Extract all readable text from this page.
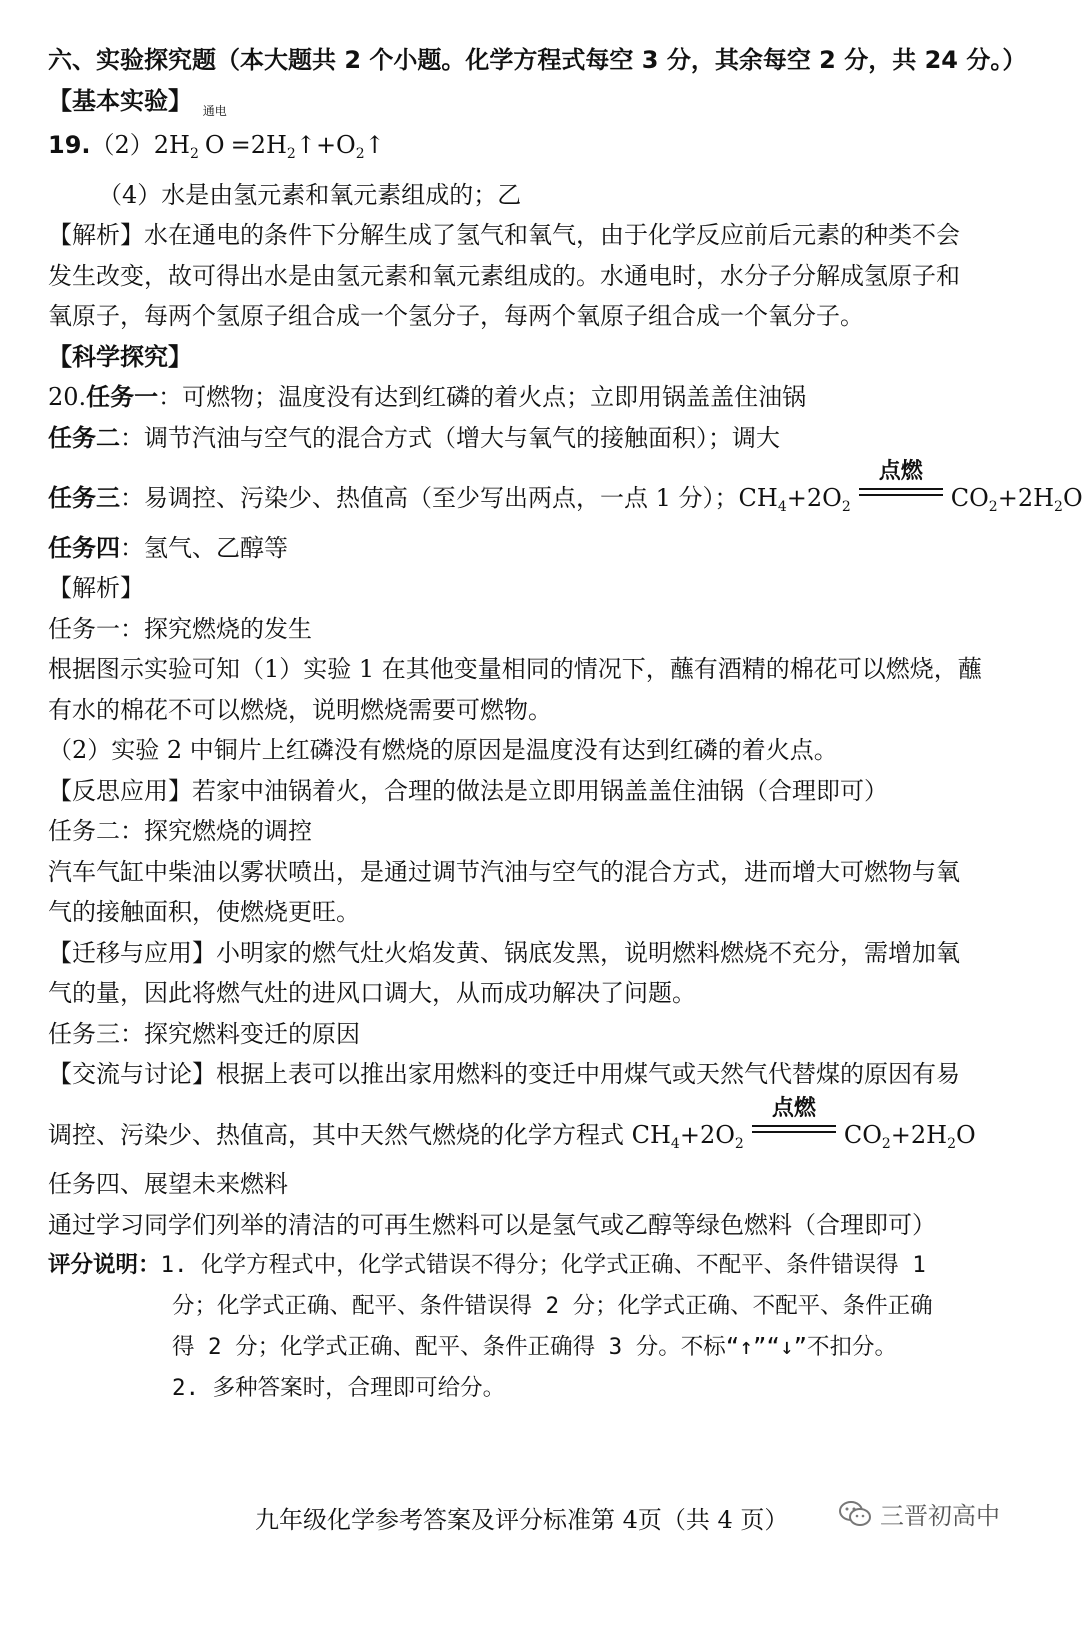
六、实验探究题（本大题共 2 个小题。化学方程式每空 3 分，其余每空 2 分，共 24 分。）
【基本实验】
$19.(2)2H_2$
通电
$O =2H_2↑+O_2↑$
（4）水是由氢元素和氧元素组成的；乙
【解析】水在通电的条件下分解生成了氢气和氧气，由于化学反应前后元素的种类不会
发生改变，故可得出水是由氢元素和氧元素组成的。水通电时，水分子分解成氢原子和
氧原子，每两个氢原子组合成一个氢分子，每两个氧原子组合成一个氧分子。
【科学探究】
20.任务一：可燃物；温度没有达到红磷的着火点；立即用锅盖盖住油锅
任务二：调节汽油与空气的混合方式（增大与氧气的接触面积）；调大
任务三：易调控、污染少、热值高（至少写出两点，一点 1 分）；$CH_4+2O_2$
点燃
$CO_2+2H_2O$
任务四：氢气、乙醇等
【解析】
任务一：探究燃烧的发生
根据图示实验可知（1）实验 1 在其他变量相同的情况下，蘸有酒精的棉花可以燃烧，蘸
有水的棉花不可以燃烧，说明燃烧需要可燃物。
（2）实验 2 中铜片上红磷没有燃烧的原因是温度没有达到红磷的着火点。
【反思应用】若家中油锅着火，合理的做法是立即用锅盖盖住油锅（合理即可）
任务二：探究燃烧的调控
汽车气缸中柴油以雾状喷出，是通过调节汽油与空气的混合方式，进而增大可燃物与氧
气的接触面积，使燃烧更旺。
【迁移与应用】小明家的燃气灶火焰发黄、锅底发黑，说明燃料燃烧不充分，需增加氧
气的量，因此将燃气灶的进风口调大，从而成功解决了问题。
任务三：探究燃料变迁的原因
【交流与讨论】根据上表可以推出家用燃料的变迁中用煤气或天然气代替煤的原因有易
调控、污染少、热值高，其中天然气燃烧的化学方程式 $CH_4+2O_2$
点燃
$CO_2+2H_2O$
任务四、展望未来燃料
通过学习同学们列举的清洁的可再生燃料可以是氢气或乙醇等绿色燃料（合理即可）
评分说明：1. 化学方程式中，化学式错误不得分；化学式正确、不配平、条件错误得 1
分；化学式正确、配平、条件错误得 2 分；化学式正确、不配平、条件正确
得 2 分；化学式正确、配平、条件正确得 3 分。不标“↑”“↓”不扣分。
2. 多种答案时，合理即可给分。
九年级化学参考答案及评分标准第 4页（共 4 页）	三晋初高中
